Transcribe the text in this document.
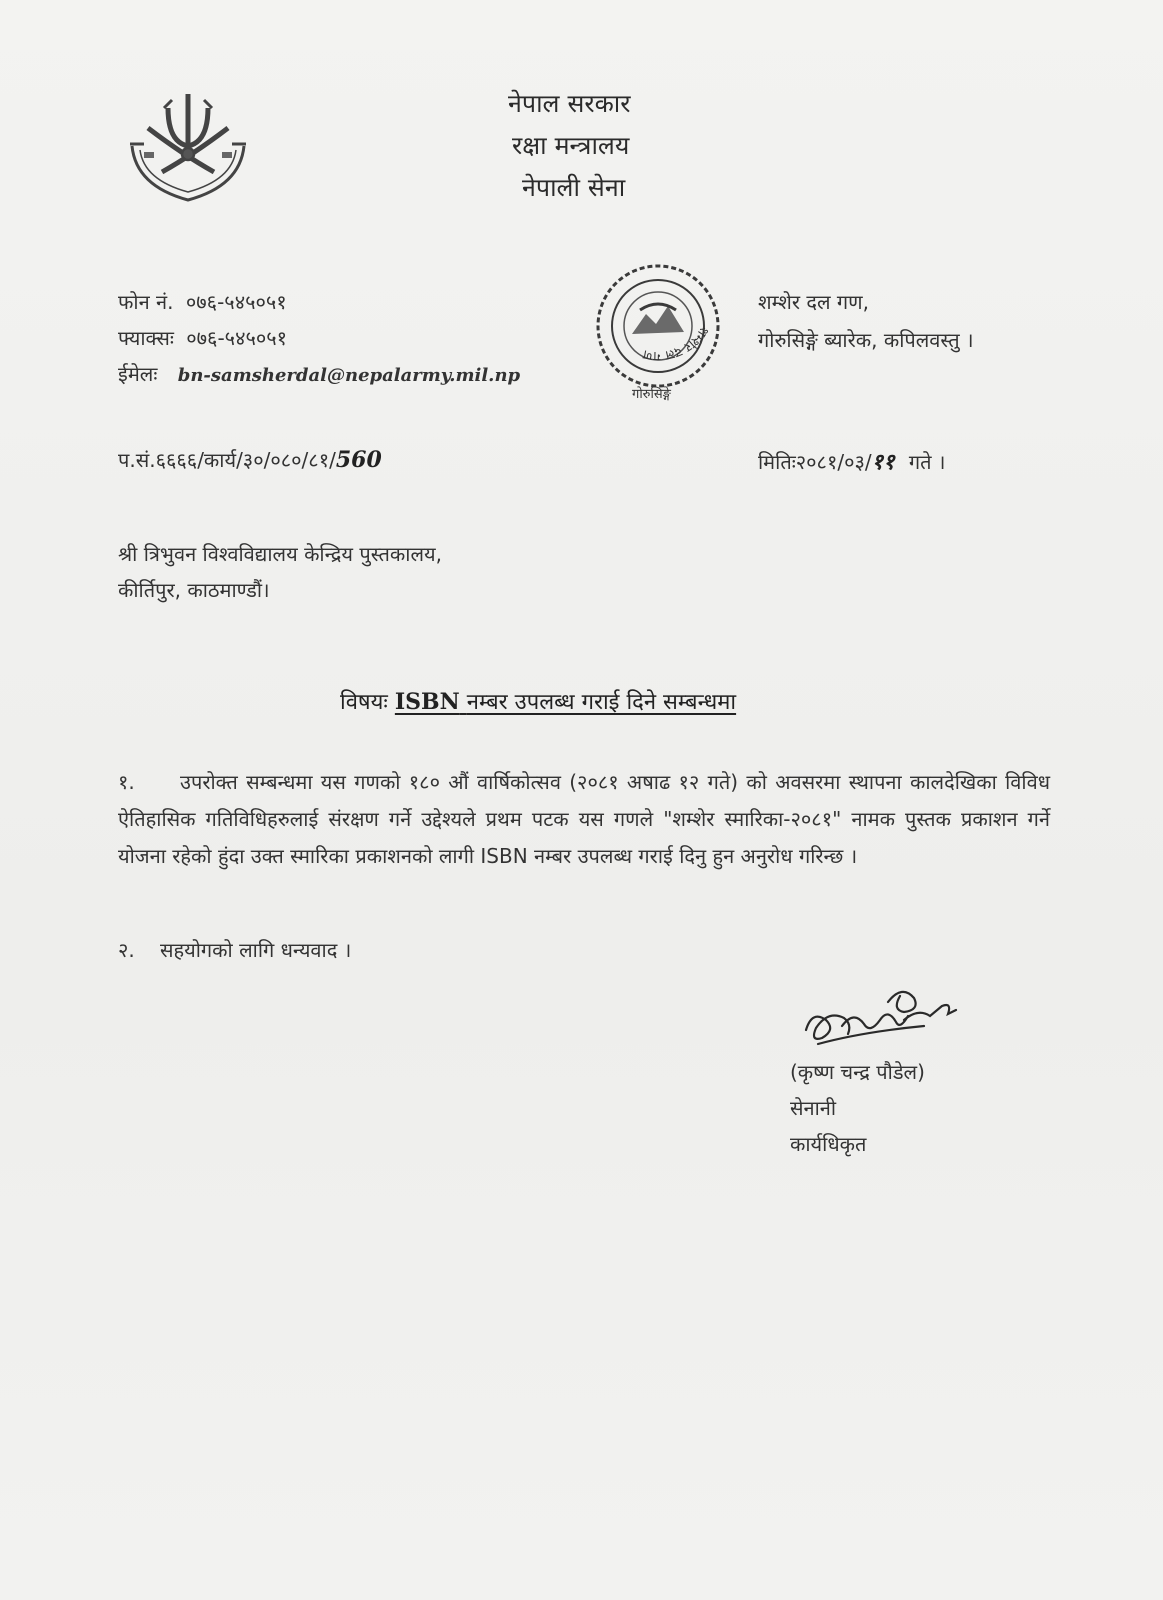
नेपाल सरकार
रक्षा मन्त्रालय
नेपाली सेना
फोन नं. ०७६-५४५०५१
फ्याक्सः ०७६-५४५०५१
ईमेलः bn-samsherdal@nepalarmy.mil.np
शम्शेर दल गण
गोरुसिङ्गे
शम्शेर दल गण,
गोरुसिङ्गे ब्यारेक, कपिलवस्तु ।
प.सं.६६६६/कार्य/३०/०८०/८१/560	मितिः२०८१/०३/११ गते ।
श्री त्रिभुवन विश्वविद्यालय केन्द्रिय पुस्तकालय,
कीर्तिपुर, काठमाण्डौं।
विषयः ISBN नम्बर उपलब्ध गराई दिने सम्बन्धमा
१. उपरोक्त सम्बन्धमा यस गणको १८० औं वार्षिकोत्सव (२०८१ अषाढ १२ गते) को अवसरमा स्थापना कालदेखिका विविध ऐतिहासिक गतिविधिहरुलाई संरक्षण गर्ने उद्देश्यले प्रथम पटक यस गणले "शम्शेर स्मारिका-२०८१" नामक पुस्तक प्रकाशन गर्ने योजना रहेको हुंदा उक्त स्मारिका प्रकाशनको लागी ISBN नम्बर उपलब्ध गराई दिनु हुन अनुरोध गरिन्छ ।
२. सहयोगको लागि धन्यवाद ।
(कृष्ण चन्द्र पौडेल)
सेनानी
कार्यधिकृत
